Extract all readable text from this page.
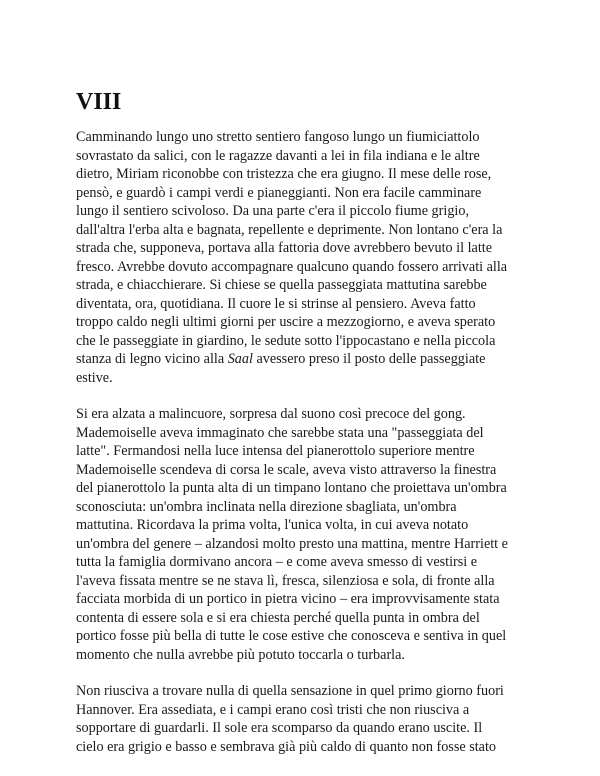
VIII

Camminando lungo uno stretto sentiero fangoso lungo un fiumiciattolo
sovrastato da salici, con le ragazze davanti a lei in fila indiana e le altre
dietro, Miriam riconobbe con tristezza che era giugno. Il mese delle rose,
pensò, e guardò i campi verdi e pianeggianti. Non era facile camminare
lungo il sentiero scivoloso. Da una parte c'era il piccolo fiume grigio,
dall'altra l'erba alta e bagnata, repellente e deprimente. Non lontano c'era la
strada che, supponeva, portava alla fattoria dove avrebbero bevuto il latte
fresco. Avrebbe dovuto accompagnare qualcuno quando fossero arrivati alla
strada, e chiacchierare. Si chiese se quella passeggiata mattutina sarebbe
diventata, ora, quotidiana. Il cuore le si strinse al pensiero. Aveva fatto
troppo caldo negli ultimi giorni per uscire a mezzogiorno, e aveva sperato
che le passeggiate in giardino, le sedute sotto l'ippocastano e nella piccola
stanza di legno vicino alla Saal avessero preso il posto delle passeggiate
estive.

Si era alzata a malincuore, sorpresa dal suono così precoce del gong.
Mademoiselle aveva immaginato che sarebbe stata una "passeggiata del
latte". Fermandosi nella luce intensa del pianerottolo superiore mentre
Mademoiselle scendeva di corsa le scale, aveva visto attraverso la finestra
del pianerottolo la punta alta di un timpano lontano che proiettava un'ombra
sconosciuta: un'ombra inclinata nella direzione sbagliata, un'ombra
mattutina. Ricordava la prima volta, l'unica volta, in cui aveva notato
un'ombra del genere – alzandosi molto presto una mattina, mentre Harriett e
tutta la famiglia dormivano ancora – e come aveva smesso di vestirsi e
l'aveva fissata mentre se ne stava lì, fresca, silenziosa e sola, di fronte alla
facciata morbida di un portico in pietra vicino – era improvvisamente stata
contenta di essere sola e si era chiesta perché quella punta in ombra del
portico fosse più bella di tutte le cose estive che conosceva e sentiva in quel
momento che nulla avrebbe più potuto toccarla o turbarla.

Non riusciva a trovare nulla di quella sensazione in quel primo giorno fuori
Hannover. Era assediata, e i campi erano così tristi che non riusciva a
sopportare di guardarli. Il sole era scomparso da quando erano uscite. Il
cielo era grigio e basso e sembrava già più caldo di quanto non fosse stato
